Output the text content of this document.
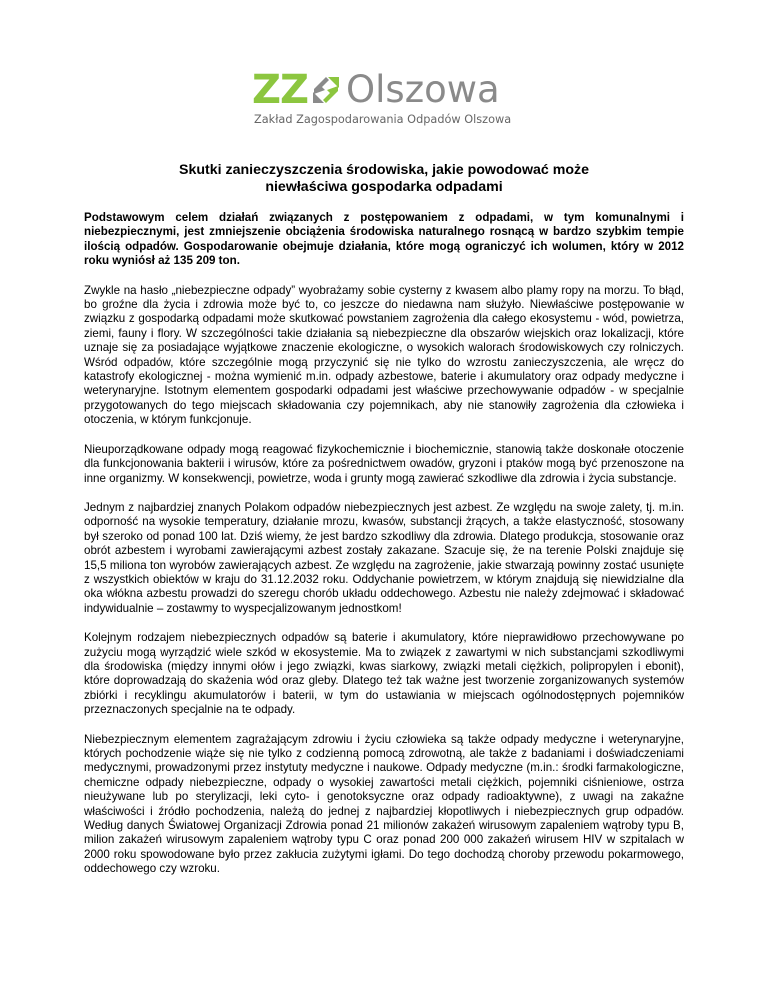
ZZ Olszowa
Zakład Zagospodarowania Odpadów Olszowa
Skutki zanieczyszczenia środowiska, jakie powodować może
niewłaściwa gospodarka odpadami

Podstawowym celem działań związanych z postępowaniem z odpadami, w tym komunalnymi i niebezpiecznymi, jest zmniejszenie obciążenia środowiska naturalnego rosnącą w bardzo szybkim tempie ilością odpadów. Gospodarowanie obejmuje działania, które mogą ograniczyć ich wolumen, który w 2012 roku wyniósł aż 135 209 ton.

Zwykle na hasło „niebezpieczne odpady” wyobrażamy sobie cysterny z kwasem albo plamy ropy na morzu. To błąd, bo groźne dla życia i zdrowia może być to, co jeszcze do niedawna nam służyło. Niewłaściwe postępowanie w związku z gospodarką odpadami może skutkować powstaniem zagrożenia dla całego ekosystemu - wód, powietrza, ziemi, fauny i flory. W szczególności takie działania są niebezpieczne dla obszarów wiejskich oraz lokalizacji, które uznaje się za posiadające wyjątkowe znaczenie ekologiczne, o wysokich walorach środowiskowych czy rolniczych. Wśród odpadów, które szczególnie mogą przyczynić się nie tylko do wzrostu zanieczyszczenia, ale wręcz do katastrofy ekologicznej - można wymienić m.in. odpady azbestowe, baterie i akumulatory oraz odpady medyczne i weterynaryjne. Istotnym elementem gospodarki odpadami jest właściwe przechowywanie odpadów - w specjalnie przygotowanych do tego miejscach składowania czy pojemnikach, aby nie stanowiły zagrożenia dla człowieka i otoczenia, w którym funkcjonuje.

Nieuporządkowane odpady mogą reagować fizykochemicznie i biochemicznie, stanowią także doskonałe otoczenie dla funkcjonowania bakterii i wirusów, które za pośrednictwem owadów, gryzoni i ptaków mogą być przenoszone na inne organizmy. W konsekwencji, powietrze, woda i grunty mogą zawierać szkodliwe dla zdrowia i życia substancje.

Jednym z najbardziej znanych Polakom odpadów niebezpiecznych jest azbest. Ze względu na swoje zalety, tj. m.in. odporność na wysokie temperatury, działanie mrozu, kwasów, substancji żrących, a także elastyczność, stosowany był szeroko od ponad 100 lat. Dziś wiemy, że jest bardzo szkodliwy dla zdrowia. Dlatego produkcja, stosowanie oraz obrót azbestem i wyrobami zawierającymi azbest zostały zakazane. Szacuje się, że na terenie Polski znajduje się 15,5 miliona ton wyrobów zawierających azbest. Ze względu na zagrożenie, jakie stwarzają powinny zostać usunięte z wszystkich obiektów w kraju do 31.12.2032 roku. Oddychanie powietrzem, w którym znajdują się niewidzialne dla oka włókna azbestu prowadzi do szeregu chorób układu oddechowego. Azbestu nie należy zdejmować i składować indywidualnie – zostawmy to wyspecjalizowanym jednostkom!

Kolejnym rodzajem niebezpiecznych odpadów są baterie i akumulatory, które nieprawidłowo przechowywane po zużyciu mogą wyrządzić wiele szkód w ekosystemie. Ma to związek z zawartymi w nich substancjami szkodliwymi dla środowiska (między innymi ołów i jego związki, kwas siarkowy, związki metali ciężkich, polipropylen i ebonit), które doprowadzają do skażenia wód oraz gleby. Dlatego też tak ważne jest tworzenie zorganizowanych systemów zbiórki i recyklingu akumulatorów i baterii, w tym do ustawiania w miejscach ogólnodostępnych pojemników przeznaczonych specjalnie na te odpady.

Niebezpiecznym elementem zagrażającym zdrowiu i życiu człowieka są także odpady medyczne i weterynaryjne, których pochodzenie wiąże się nie tylko z codzienną pomocą zdrowotną, ale także z badaniami i doświadczeniami medycznymi, prowadzonymi przez instytuty medyczne i naukowe. Odpady medyczne (m.in.: środki farmakologiczne, chemiczne odpady niebezpieczne, odpady o wysokiej zawartości metali ciężkich, pojemniki ciśnieniowe, ostrza nieużywane lub po sterylizacji, leki cyto- i genotoksyczne oraz odpady radioaktywne), z uwagi na zakaźne właściwości i źródło pochodzenia, należą do jednej z najbardziej kłopotliwych i niebezpiecznych grup odpadów. Według danych Światowej Organizacji Zdrowia ponad 21 milionów zakażeń wirusowym zapaleniem wątroby typu B, milion zakażeń wirusowym zapaleniem wątroby typu C oraz ponad 200 000 zakażeń wirusem HIV w szpitalach w 2000 roku spowodowane było przez zakłucia zużytymi igłami. Do tego dochodzą choroby przewodu pokarmowego, oddechowego czy wzroku.
